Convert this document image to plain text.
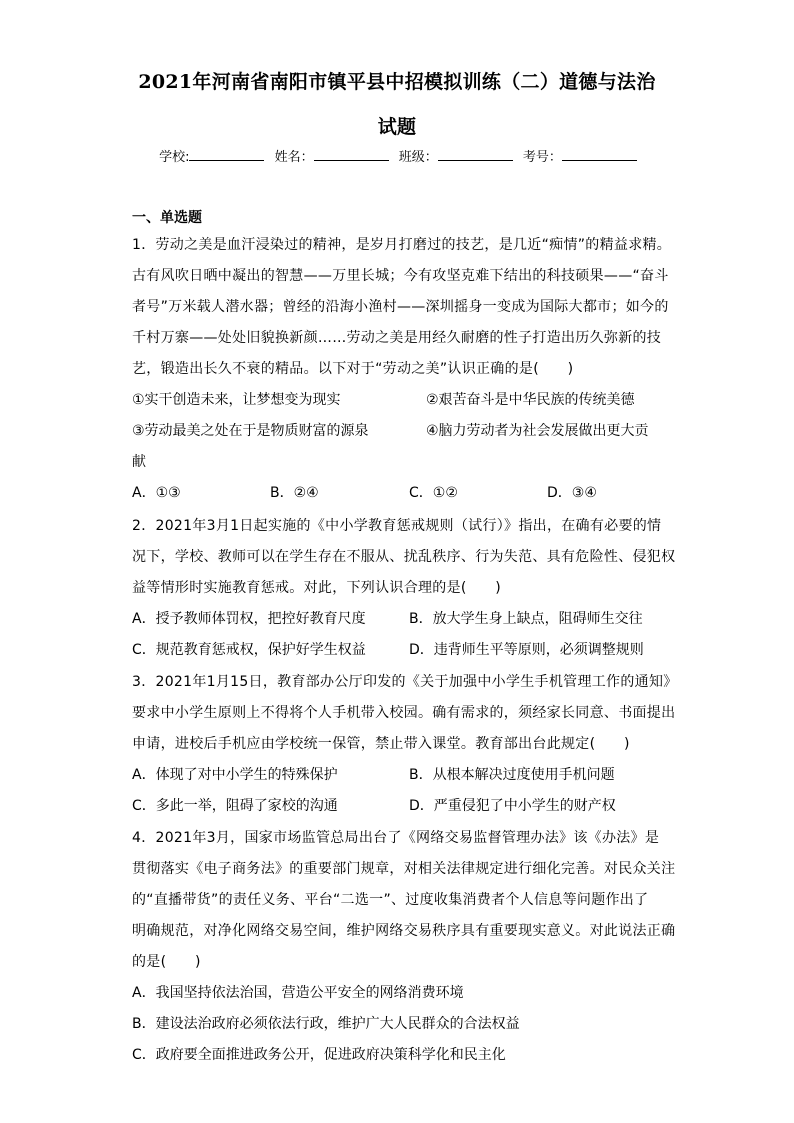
2021年河南省南阳市镇平县中招模拟训练（二）道德与法治
试题
学校:	姓名：	班级：	考号：
一、单选题
1．劳动之美是血汗浸染过的精神，是岁月打磨过的技艺，是几近“痴情”的精益求精。
古有风吹日晒中凝出的智慧——万里长城；今有攻坚克难下结出的科技硕果——“奋斗
者号”万米载人潜水器；曾经的沿海小渔村——深圳摇身一变成为国际大都市；如今的
千村万寨——处处旧貌换新颜……劳动之美是用经久耐磨的性子打造出历久弥新的技
艺，锻造出长久不衰的精品。以下对于“劳动之美”认识正确的是(　　)
①实干创造未来，让梦想变为现实	②艰苦奋斗是中华民族的传统美德
③劳动最美之处在于是物质财富的源泉	④脑力劳动者为社会发展做出更大贡
献
A．①③	B．②④	C．①②	D．③④
2．2021年3月1日起实施的《中小学教育惩戒规则（试行）》指出，在确有必要的情
况下，学校、教师可以在学生存在不服从、扰乱秩序、行为失范、具有危险性、侵犯权
益等情形时实施教育惩戒。对此，下列认识合理的是(　　)
A．授予教师体罚权，把控好教育尺度	B．放大学生身上缺点，阻碍师生交往
C．规范教育惩戒权，保护好学生权益	D．违背师生平等原则，必须调整规则
3．2021年1月15日，教育部办公厅印发的《关于加强中小学生手机管理工作的通知》
要求中小学生原则上不得将个人手机带入校园。确有需求的，须经家长同意、书面提出
申请，进校后手机应由学校统一保管，禁止带入课堂。教育部出台此规定(　　)
A．体现了对中小学生的特殊保护	B．从根本解决过度使用手机问题
C．多此一举，阻碍了家校的沟通	D．严重侵犯了中小学生的财产权
4．2021年3月，国家市场监管总局出台了《网络交易监督管理办法》该《办法》是
贯彻落实《电子商务法》的重要部门规章，对相关法律规定进行细化完善。对民众关注
的“直播带货”的责任义务、平台“二选一”、过度收集消费者个人信息等问题作出了
明确规范，对净化网络交易空间，维护网络交易秩序具有重要现实意义。对此说法正确
的是(　　)
A．我国坚持依法治国，营造公平安全的网络消费环境
B．建设法治政府必须依法行政，维护广大人民群众的合法权益
C．政府要全面推进政务公开，促进政府决策科学化和民主化
